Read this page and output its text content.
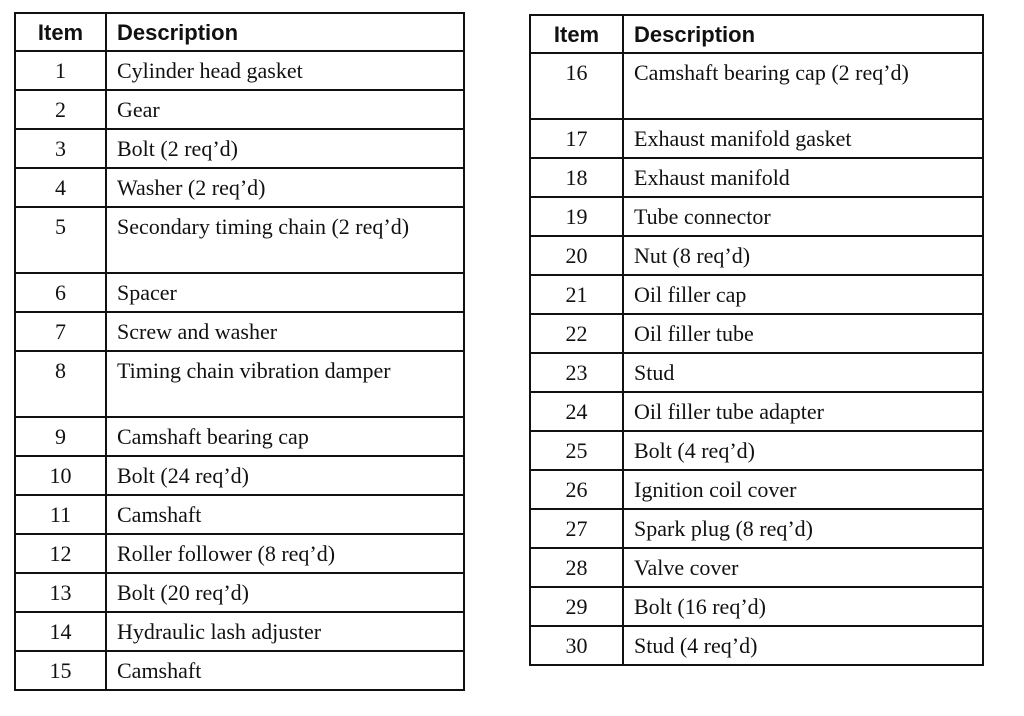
Item	Description
1	Cylinder head gasket
2	Gear
3	Bolt (2 req’d)
4	Washer (2 req’d)
5	Secondary timing chain (2 req’d)
6	Spacer
7	Screw and washer
8	Timing chain vibration damper
9	Camshaft bearing cap
10	Bolt (24 req’d)
11	Camshaft
12	Roller follower (8 req’d)
13	Bolt (20 req’d)
14	Hydraulic lash adjuster
15	Camshaft
Item	Description
16	Camshaft bearing cap (2 req’d)
17	Exhaust manifold gasket
18	Exhaust manifold
19	Tube connector
20	Nut (8 req’d)
21	Oil filler cap
22	Oil filler tube
23	Stud
24	Oil filler tube adapter
25	Bolt (4 req’d)
26	Ignition coil cover
27	Spark plug (8 req’d)
28	Valve cover
29	Bolt (16 req’d)
30	Stud (4 req’d)
